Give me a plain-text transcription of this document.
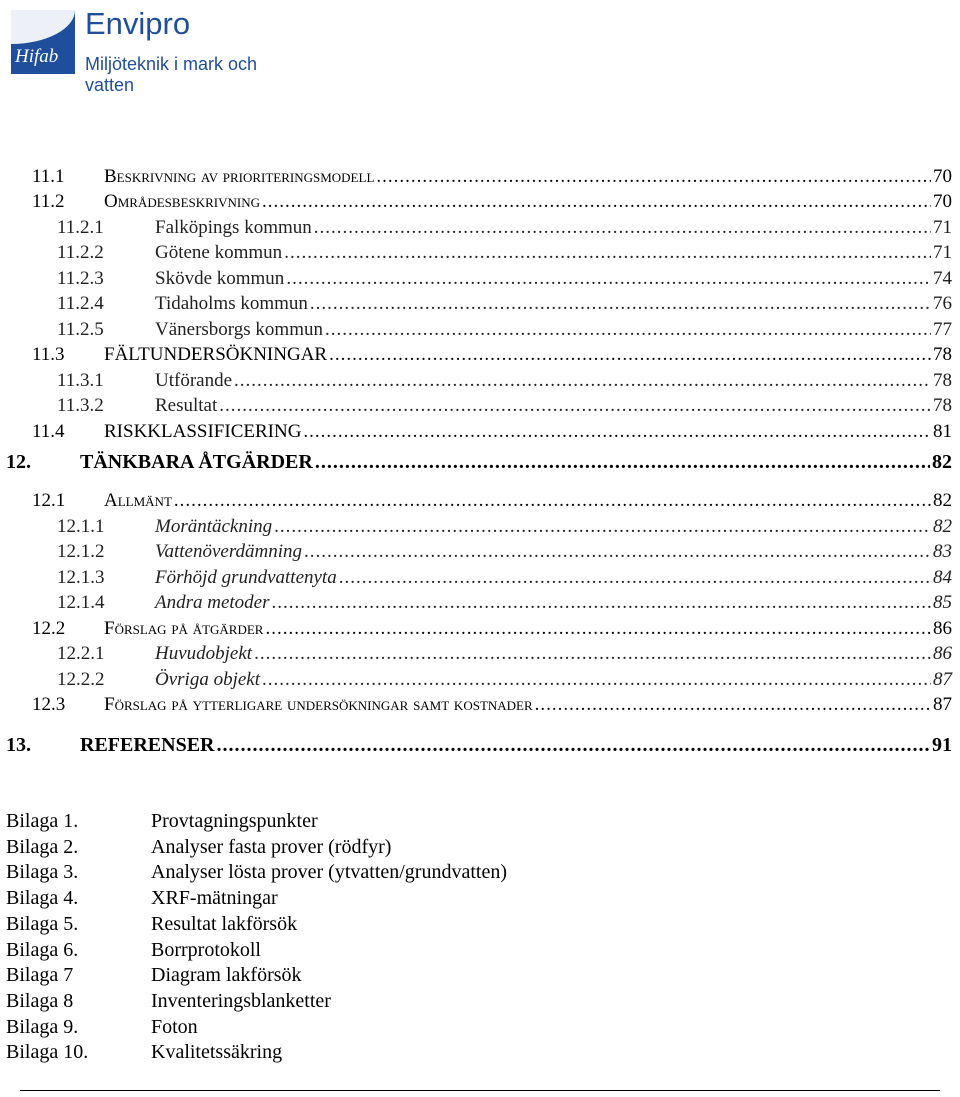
Hifab
Envipro
Miljöteknik i mark och vatten
11.1	Beskrivning av prioriteringsmodell .....	70
11.2	Områdesbeskrivning .....	70
11.2.1	Falköpings kommun .....	71
11.2.2	Götene kommun .....	71
11.2.3	Skövde kommun .....	74
11.2.4	Tidaholms kommun .....	76
11.2.5	Vänersborgs kommun .....	77
11.3	FÄLTUNDERSÖKNINGAR .....	78
11.3.1	Utförande .....	78
11.3.2	Resultat .....	78
11.4	RISKKLASSIFICERING .....	81
12.	TÄNKBARA ÅTGÄRDER .....	82
12.1	Allmänt .....	82
12.1.1	Moräntäckning .....	82
12.1.2	Vattenöverdämning .....	83
12.1.3	Förhöjd grundvattenyta .....	84
12.1.4	Andra metoder .....	85
12.2	Förslag på åtgärder .....	86
12.2.1	Huvudobjekt .....	86
12.2.2	Övriga objekt .....	87
12.3	Förslag på ytterligare undersökningar samt kostnader .....	87
13.	REFERENSER .....	91
Bilaga 1.	Provtagningspunkter
Bilaga 2.	Analyser fasta prover (rödfyr)
Bilaga 3.	Analyser lösta prover (ytvatten/grundvatten)
Bilaga 4.	XRF-mätningar
Bilaga 5.	Resultat lakförsök
Bilaga 6.	Borrprotokoll
Bilaga 7	Diagram lakförsök
Bilaga 8	Inventeringsblanketter
Bilaga 9.	Foton
Bilaga 10.	Kvalitetssäkring
